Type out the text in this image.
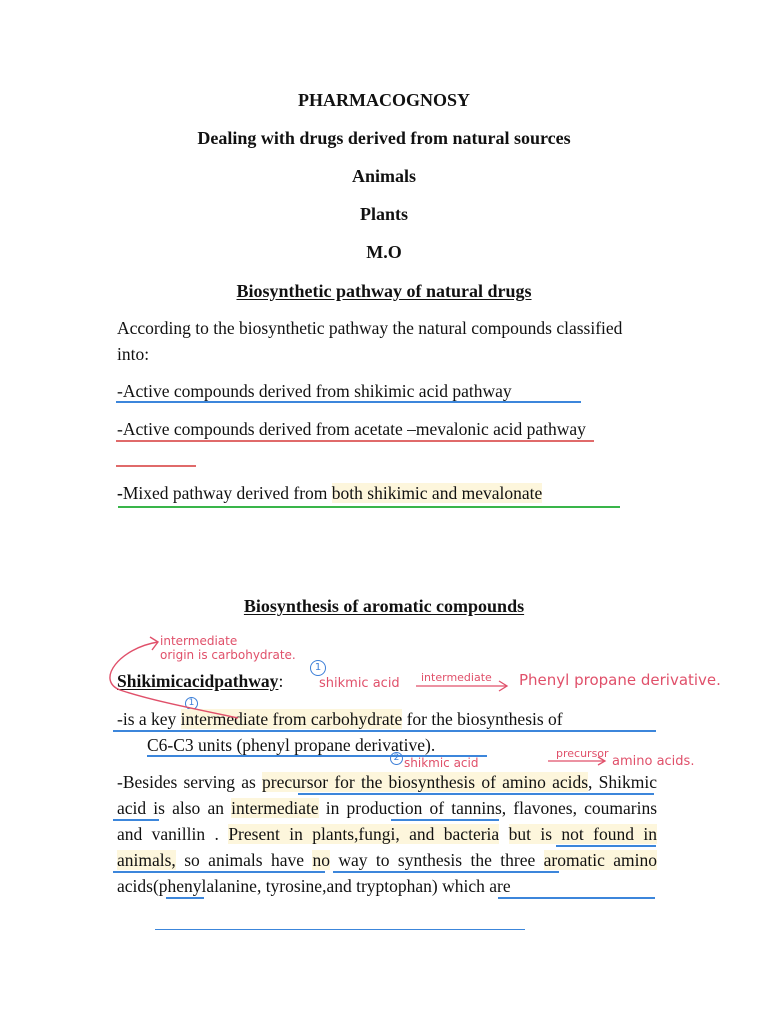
PHARMACOGNOSY
Dealing with drugs derived from natural sources
Animals
Plants
M.O
Biosynthetic pathway of natural drugs
According to the biosynthetic pathway the natural compounds classified into:
-Active compounds derived from shikimic acid pathway
-Active compounds derived from acetate –mevalonic acid pathway
-Mixed pathway derived from both shikimic and mevalonate
Biosynthesis of aromatic compounds
intermediate
origin is carbohydrate.
Shikimicacidpathway:
1
shikmic acid intermediate Phenyl propane derivative.
1
-is a key intermediate from carbohydrate for the biosynthesis of
C6-C3 units (phenyl propane derivative).
2 shikmic acid
precursor
amino acids.
-Besides serving as precursor for the biosynthesis of amino acids, Shikmic acid is also an intermediate in production of tannins, flavones, coumarins and vanillin . Present in plants,fungi, and bacteria but is not found in animals, so animals have no way to synthesis the three aromatic amino acids(phenylalanine, tyrosine,and tryptophan) which are
